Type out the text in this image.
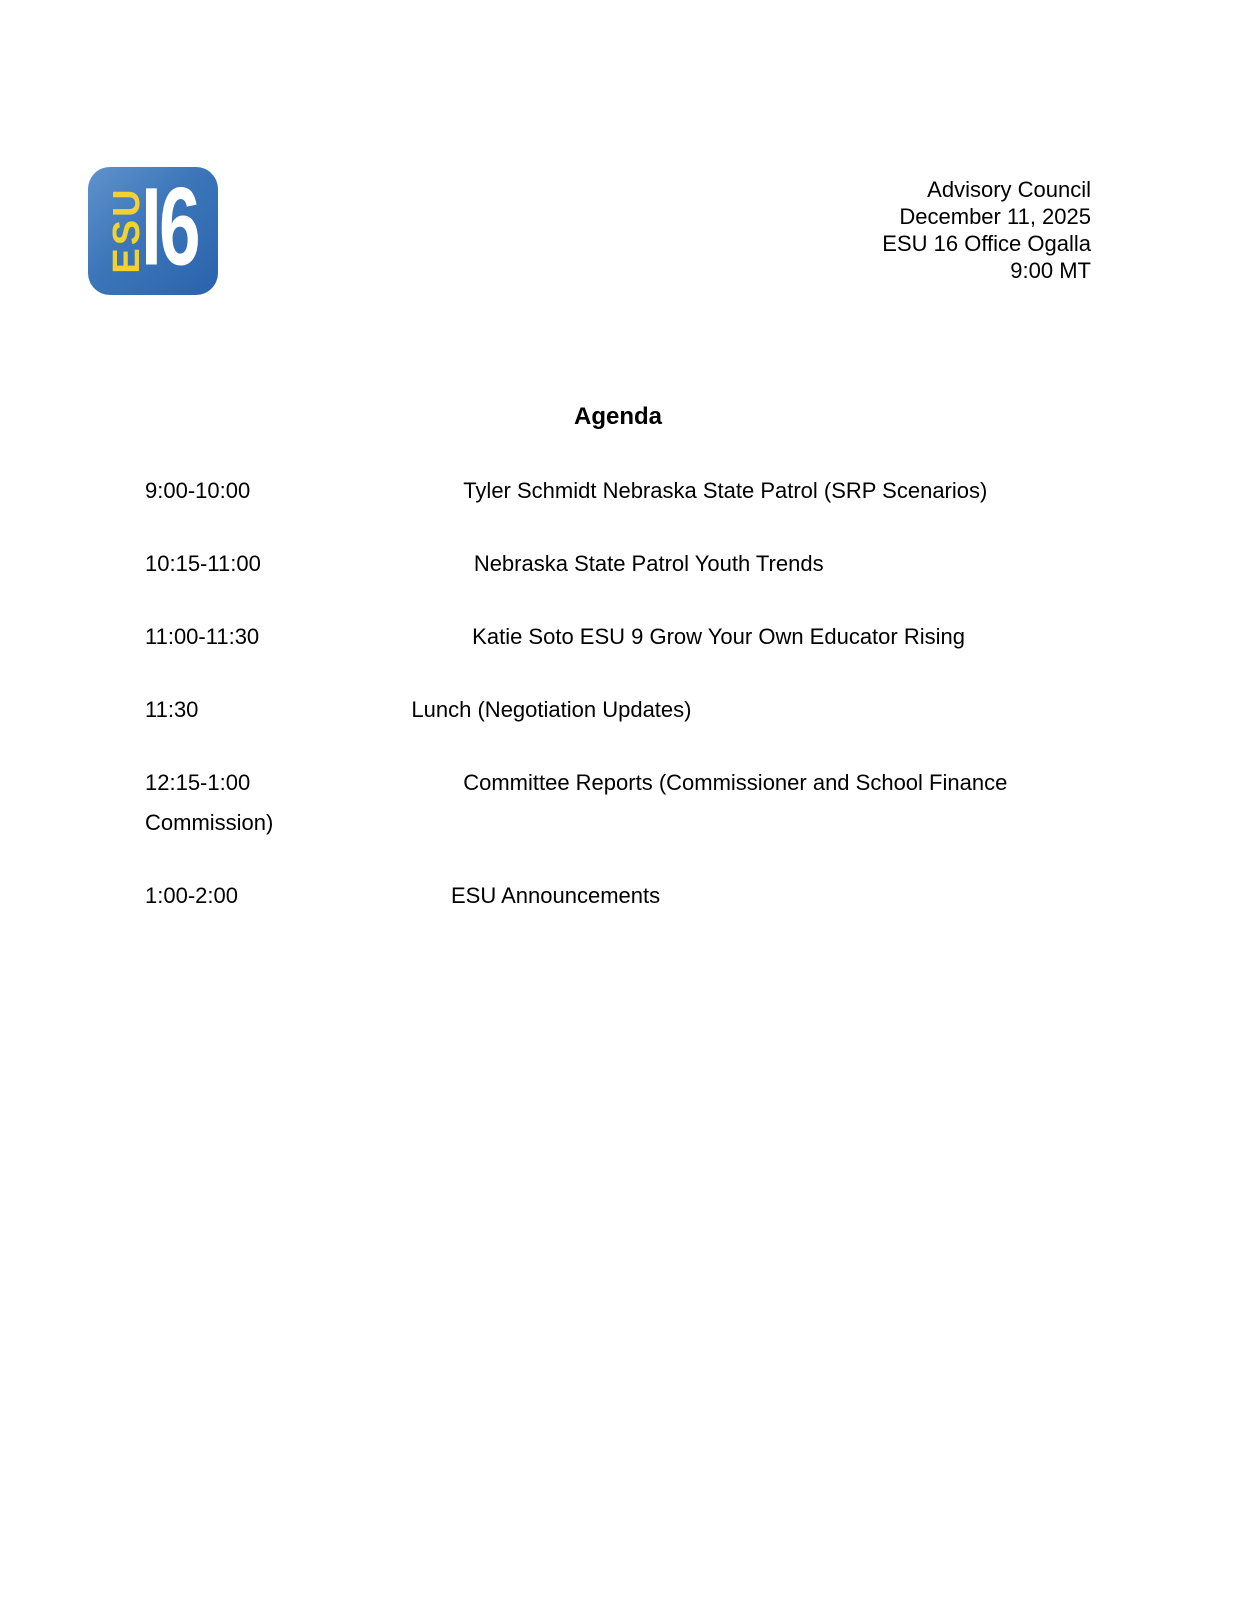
ESU
I6	Advisory Council
December 11, 2025
ESU 16 Office Ogalla
9:00 MT

Agenda

9:00-10:00	Tyler Schmidt Nebraska State Patrol (SRP Scenarios)

10:15-11:00	Nebraska State Patrol Youth Trends

11:00-11:30	Katie Soto ESU 9 Grow Your Own Educator Rising

11:30	Lunch (Negotiation Updates)

12:15-1:00	Committee Reports (Commissioner and School Finance Commission)

1:00-2:00	ESU Announcements
